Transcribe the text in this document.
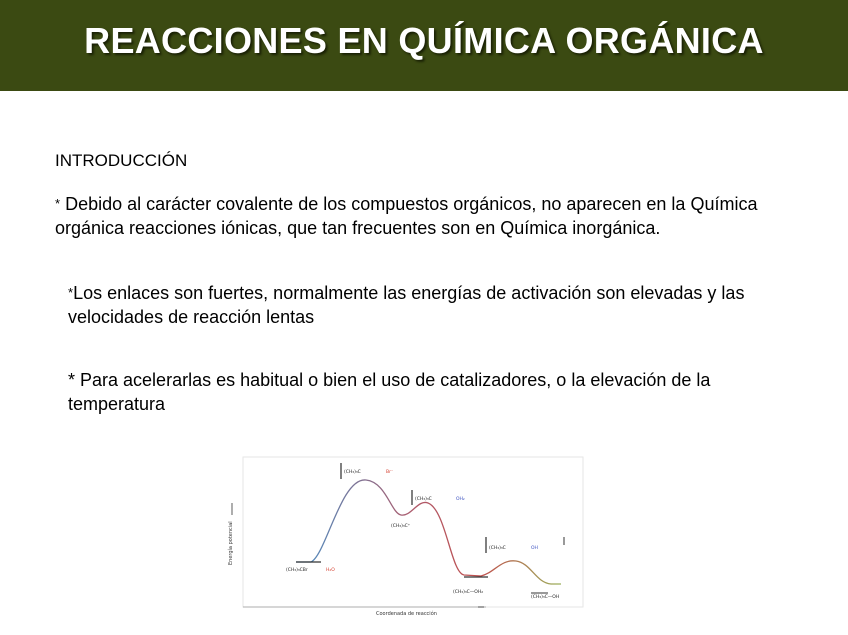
REACCIONES EN QUÍMICA ORGÁNICA
INTRODUCCIÓN
* Debido al carácter covalente de los compuestos orgánicos, no aparecen en la Química orgánica reacciones iónicas, que tan frecuentes son en Química inorgánica.
*Los enlaces son fuertes, normalmente las energías de activación son elevadas y las velocidades de reacción lentas
* Para acelerarlas es habitual o bien el uso de catalizadores, o la elevación de la temperatura
Energía potencial
Coordenada de reacción
(CH₃)₃CBr	H₂O
(CH₃)₃C	Br⁻
(CH₃)₃C⁺
(CH₃)₃C	OH₂
(CH₃)₃C—OH₂
(CH₃)₃C	OH
(CH₃)₃C—OH
